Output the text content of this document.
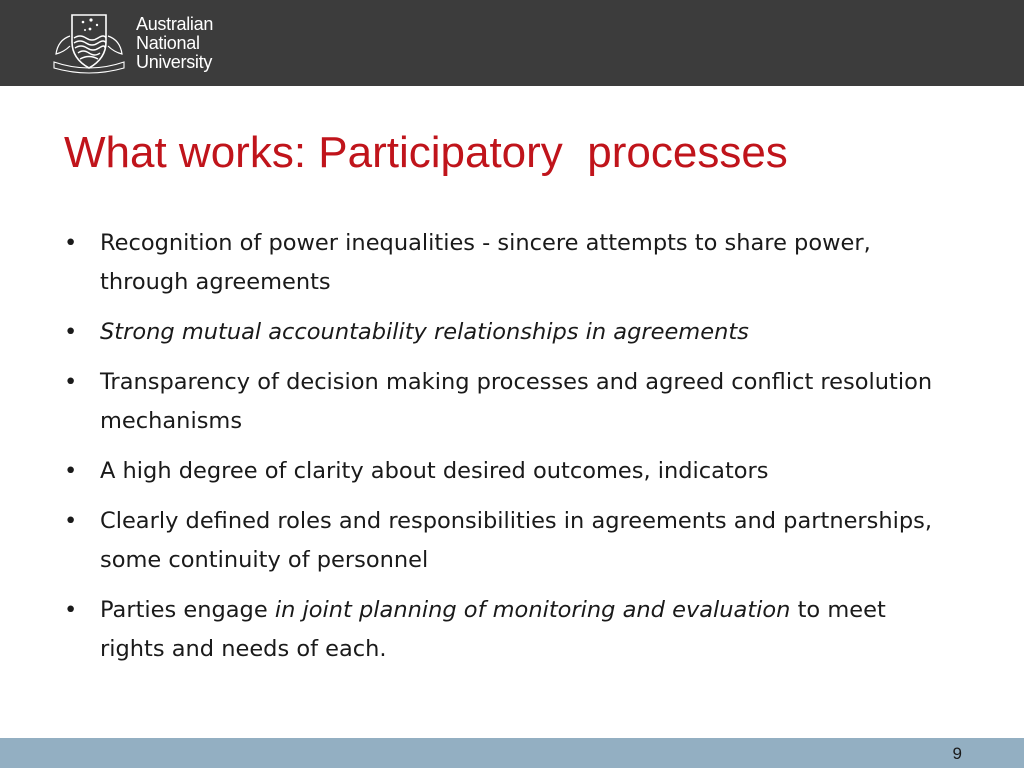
Australian
National
University
What works: Participatory  processes
• Recognition of power inequalities - sincere attempts to share power, through agreements
• Strong mutual accountability relationships in agreements
• Transparency of decision making processes and agreed conflict resolution mechanisms
• A high degree of clarity about desired outcomes, indicators
• Clearly defined roles and responsibilities in agreements and partnerships, some continuity of personnel
• Parties engage in joint planning of monitoring and evaluation to meet  rights and needs of each.
9
